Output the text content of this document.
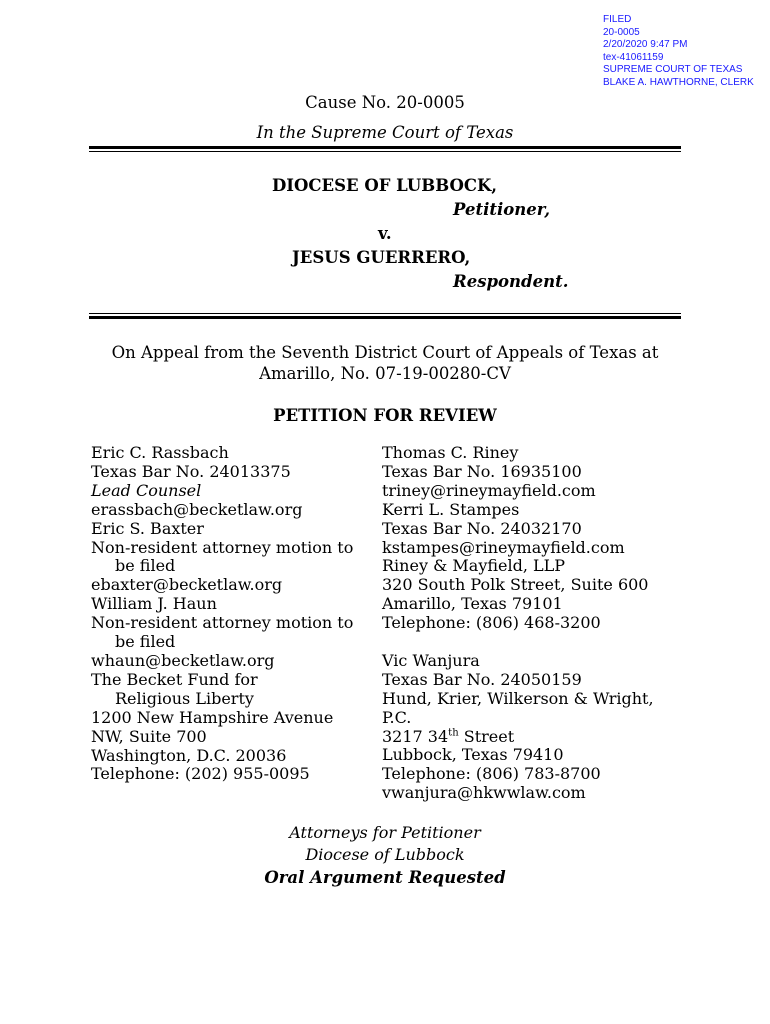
FILED
20-0005
2/20/2020 9:47 PM
tex-41061159
SUPREME COURT OF TEXAS
BLAKE A. HAWTHORNE, CLERK
Cause No. 20-0005
In the Supreme Court of Texas
DIOCESE OF LUBBOCK,
Petitioner,
v.
JESUS GUERRERO,
Respondent.
On Appeal from the Seventh District Court of Appeals of Texas at
Amarillo, No. 07-19-00280-CV
PETITION FOR REVIEW
Eric C. Rassbach
Texas Bar No. 24013375
Lead Counsel
erassbach@becketlaw.org
Eric S. Baxter
Non-resident attorney motion to
be filed
ebaxter@becketlaw.org
William J. Haun
Non-resident attorney motion to
be filed
whaun@becketlaw.org
The Becket Fund for
Religious Liberty
1200 New Hampshire Avenue
NW, Suite 700
Washington, D.C. 20036
Telephone: (202) 955-0095
Thomas C. Riney
Texas Bar No. 16935100
triney@rineymayfield.com
Kerri L. Stampes
Texas Bar No. 24032170
kstampes@rineymayfield.com
Riney & Mayfield, LLP
320 South Polk Street, Suite 600
Amarillo, Texas 79101
Telephone: (806) 468-3200
Vic Wanjura
Texas Bar No. 24050159
Hund, Krier, Wilkerson & Wright,
P.C.
3217 34th Street
Lubbock, Texas 79410
Telephone: (806) 783-8700
vwanjura@hkwwlaw.com
Attorneys for Petitioner
Diocese of Lubbock
Oral Argument Requested
